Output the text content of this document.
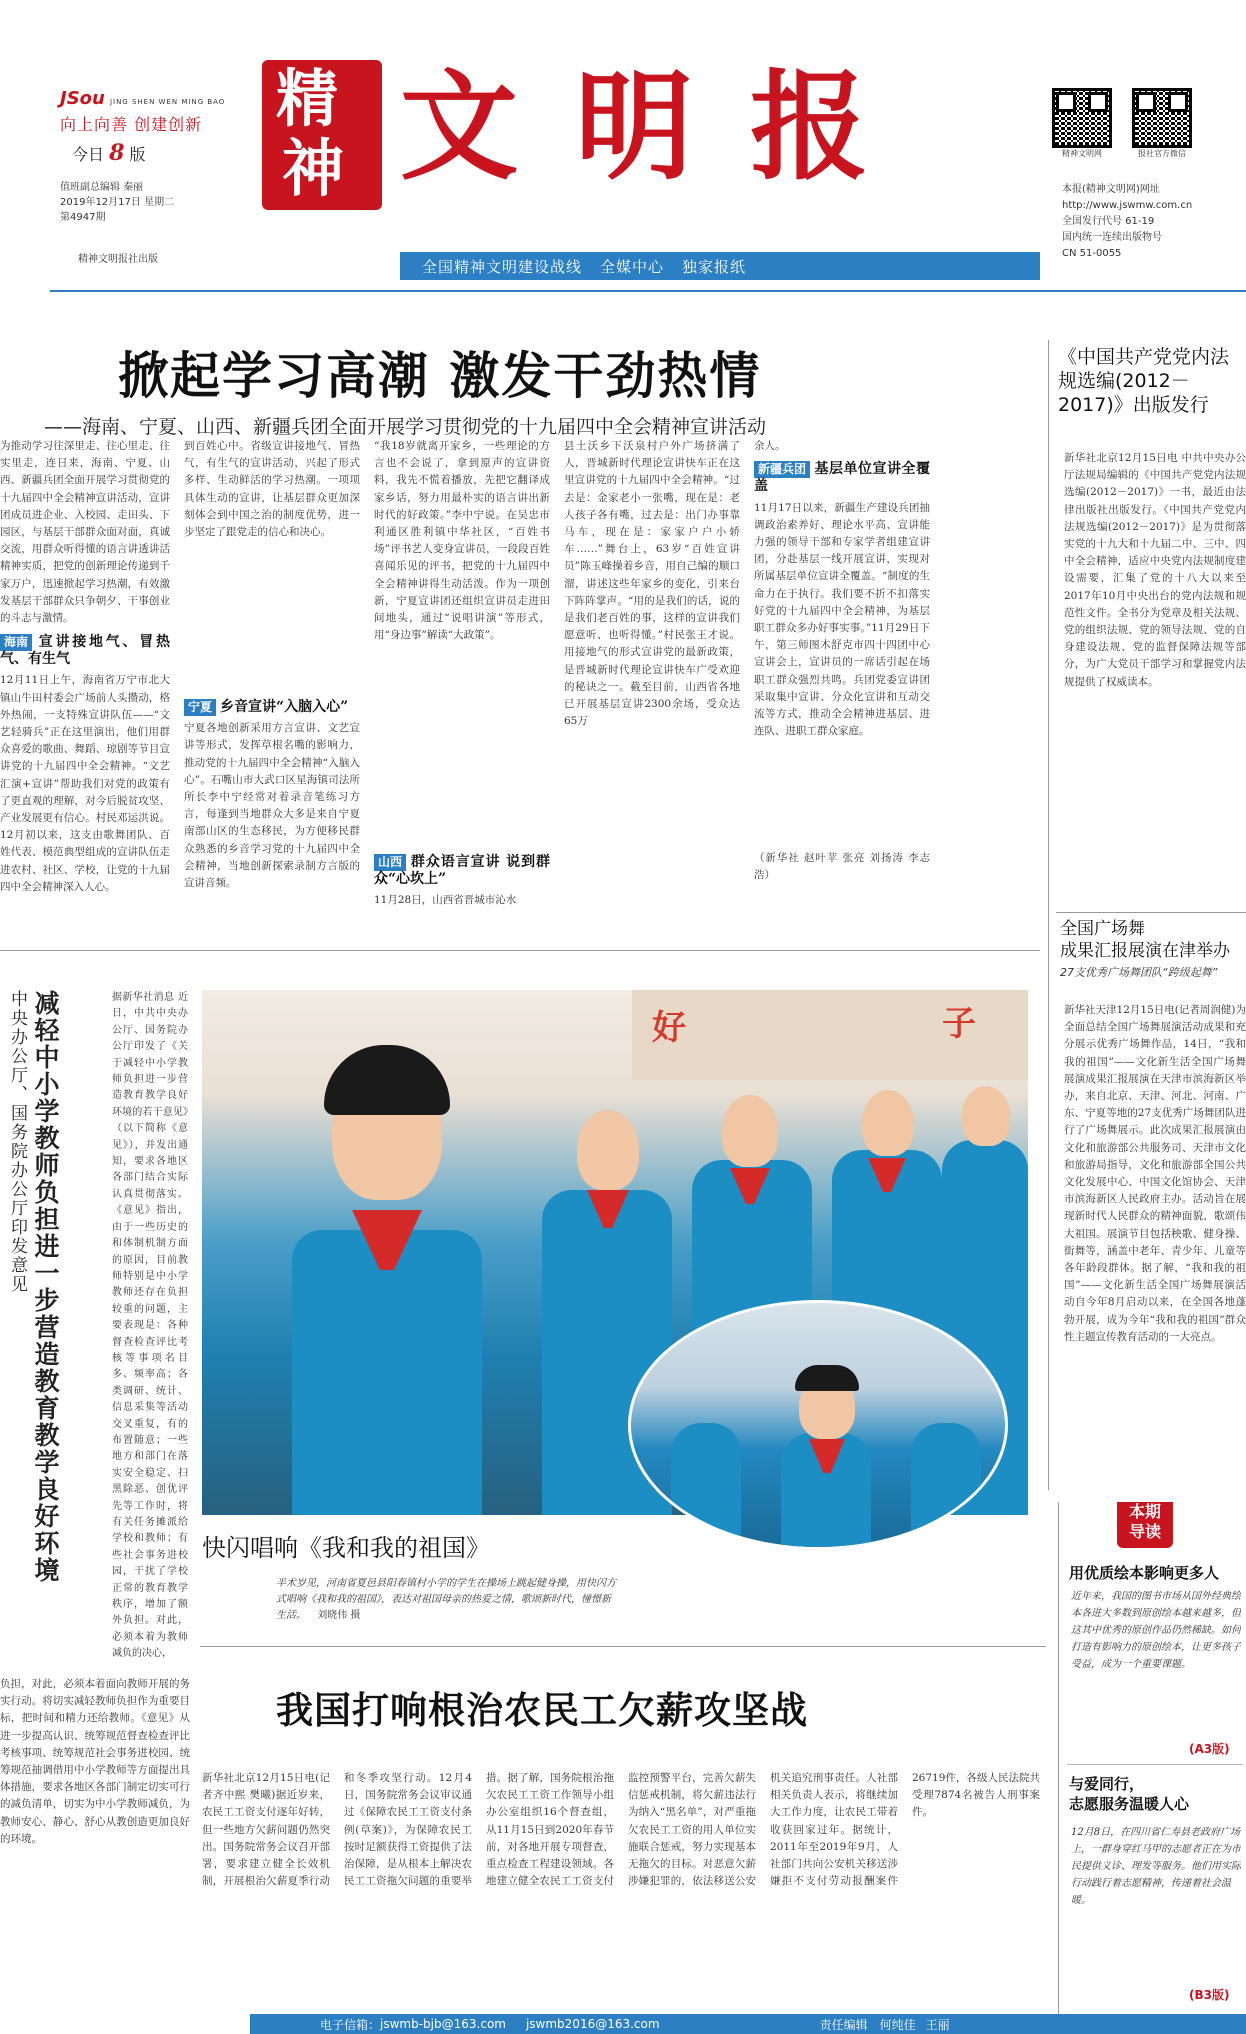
JSou JING SHEN WEN MING BAO
向上向善 创建创新
今日 8 版
值班副总编辑 秦丽
2019年12月17日 星期二
第4947期
精神文明报社出版
精
神 文 明 报
全国精神文明建设战线 全媒中心 独家报纸
精神文明网	报社官方微信
本报(精神文明网)网址
http://www.jswmw.com.cn
全国发行代号 61-19
国内统一连续出版物号
CN 51-0055
掀起学习高潮 激发干劲热情
——海南、宁夏、山西、新疆兵团全面开展学习贯彻党的十九届四中全会精神宣讲活动

为推动学习往深里走、往心里走、往实里走，连日来，海南、宁夏、山西、新疆兵团全面开展学习贯彻党的十九届四中全会精神宣讲活动，宣讲团成员进企业、入校园、走田头、下园区，与基层干部群众面对面，真诚交流，用群众听得懂的语言讲透讲活精神实质，把党的创新理论传递到千家万户，迅速掀起学习热潮，有效激发基层干部群众只争朝夕、干事创业的斗志与激情。

海南 宣讲接地气、冒热气、有生气

12月11日上午，海南省万宁市北大镇山牛田村委会广场前人头攒动，格外热闹，一支特殊宣讲队伍——“文艺轻骑兵”正在这里演出，他们用群众喜爱的歌曲、舞蹈、琼剧等节目宣讲党的十九届四中全会精神。“文艺汇演+宣讲”帮助我们对党的政策有了更直观的理解，对今后脱贫攻坚、产业发展更有信心。村民邓运洪说。12月初以来，这支由歌舞团队、百姓代表、模范典型组成的宣讲队伍走进农村、社区、学校，让党的十九届四中全会精神深入人心。

到百姓心中。省级宣讲接地气、冒热气，有生气的宣讲活动，兴起了形式多样、生动鲜活的学习热潮。一项项具体生动的宣讲，让基层群众更加深刻体会到中国之治的制度优势，进一步坚定了跟党走的信心和决心。

宁夏 乡音宣讲“入脑入心”

宁夏各地创新采用方言宣讲、文艺宣讲等形式，发挥草根名嘴的影响力，推动党的十九届四中全会精神“入脑入心”。石嘴山市大武口区星海镇司法所所长李中宁经常对着录音笔练习方言，每逢到当地群众大多是来自宁夏南部山区的生态移民，为方便移民群众熟悉的乡音学习党的十九届四中全会精神，当地创新探索录制方言版的宣讲音频。

“我18岁就离开家乡，一些理论的方言也不会说了，拿到原声的宣讲资料，我先不慌着播放，先把它翻译成家乡话，努力用最朴实的语言讲出新时代的好政策。”李中宁说。在吴忠市利通区胜利镇中华社区，“百姓书场”评书艺人变身宣讲员，一段段百姓喜闻乐见的评书，把党的十九届四中全会精神讲得生动活泼。作为一项创新，宁夏宣讲团还组织宣讲员走进田间地头，通过“说唱讲演”等形式，用“身边事”解读“大政策”。

山西 群众语言宣讲 说到群众“心坎上”

11月28日，山西省晋城市沁水

县土沃乡下沃泉村户外广场挤满了人，晋城新时代理论宣讲快车正在这里宣讲党的十九届四中全会精神。“过去是：金家老小一张嘴，现在是：老人孩子各有嘴，过去是：出门办事靠马车，现在是：家家户户小轿车……”舞台上，63岁“百姓宣讲员”陈玉峰操着乡音，用自己编的顺口溜，讲述这些年家乡的变化，引来台下阵阵掌声。“用的是我们的话，说的是我们老百姓的事，这样的宣讲我们愿意听、也听得懂。”村民张王才说。用接地气的形式宣讲党的最新政策，是晋城新时代理论宣讲快车广受欢迎的秘诀之一。截至目前，山西省各地已开展基层宣讲2300余场，受众达65万

余人。

新疆兵团 基层单位宣讲全覆盖

11月17日以来，新疆生产建设兵团抽调政治素养好、理论水平高、宣讲能力强的领导干部和专家学者组建宣讲团，分赴基层一线开展宣讲，实现对所属基层单位宣讲全覆盖。“制度的生命力在于执行。我们要不折不扣落实好党的十九届四中全会精神，为基层职工群众多办好事实事。”11月29日下午，第三师图木舒克市四十四团中心宣讲会上，宣讲员的一席话引起在场职工群众强烈共鸣。兵团党委宣讲团采取集中宣讲、分众化宣讲和互动交流等方式，推动全会精神进基层、进连队、进职工群众家庭。

（新华社 赵叶苹 张亮 刘扬涛 李志浩）

《中国共产党党内法规选编(2012－2017)》出版发行
新华社北京12月15日电 中共中央办公厅法规局编辑的《中国共产党党内法规选编(2012－2017)》一书，最近由法律出版社出版发行。《中国共产党党内法规选编(2012－2017)》是为贯彻落实党的十九大和十九届二中、三中、四中全会精神，适应中央党内法规制度建设需要，汇集了党的十八大以来至2017年10月中央出台的党内法规和规范性文件。全书分为党章及相关法规、党的组织法规、党的领导法规、党的自身建设法规、党的监督保障法规等部分，为广大党员干部学习和掌握党内法规提供了权威读本。
全国广场舞
成果汇报展演在津举办
27支优秀广场舞团队“跨级起舞”
新华社天津12月15日电(记者周润健)为全面总结全国广场舞展演活动成果和充分展示优秀广场舞作品，14日，“我和我的祖国”——文化新生活全国广场舞展演成果汇报展演在天津市滨海新区举办，来自北京、天津、河北、河南、广东、宁夏等地的27支优秀广场舞团队进行了广场舞展示。此次成果汇报展演由文化和旅游部公共服务司、天津市文化和旅游局指导，文化和旅游部全国公共文化发展中心、中国文化馆协会、天津市滨海新区人民政府主办。活动旨在展现新时代人民群众的精神面貌，歌颂伟大祖国。展演节目包括秧歌、健身操、街舞等，涵盖中老年、青少年、儿童等各年龄段群体。据了解，“我和我的祖国”——文化新生活全国广场舞展演活动自今年8月启动以来，在全国各地蓬勃开展，成为今年“我和我的祖国”群众性主题宣传教育活动的一大亮点。
中央办公厅、国务院办公厅印发意见 减轻中小学教师负担进一步营造教育教学良好环境	据新华社消息 近日，中共中央办公厅、国务院办公厅印发了《关于减轻中小学教师负担进一步营造教育教学良好环境的若干意见》（以下简称《意见》），并发出通知，要求各地区各部门结合实际认真贯彻落实。《意见》指出，由于一些历史的和体制机制方面的原因，目前教师特别是中小学教师还存在负担较重的问题，主要表现是：各种督查检查评比考核等事项名目多、频率高；各类调研、统计、信息采集等活动交叉重复，有的布置随意；一些地方和部门在落实安全稳定、扫黑除恶、创优评先等工作时，将有关任务摊派给学校和教师；有些社会事务进校园，干扰了学校正常的教育教学秩序，增加了额外负担。对此，必须本着为教师减负的决心，
负担，对此，必须本着面向教师开展的务实行动。将切实减轻教师负担作为重要目标，把时间和精力还给教师。《意见》从进一步提高认识、统筹规范督查检查评比考核事项、统筹规范社会事务进校园、统筹规范抽调借用中小学教师等方面提出具体措施，要求各地区各部门制定切实可行的减负清单，切实为中小学教师减负，为教师安心、静心、舒心从教创造更加良好的环境。
好	子
快闪唱响《我和我的祖国》
半术岁见，河南省夏邑县阳春镇村小学的学生在操场上跳起健身操，用快闪方式唱响《我和我的祖国》，表达对祖国母亲的热爱之情，歌颂新时代，憧憬新生活。 刘晓伟 摄
我国打响根治农民工欠薪攻坚战
新华社北京12月15日电(记者齐中熙 樊曦)据近岁来，农民工工资支付逐年好转，但一些地方欠薪问题仍然突出。国务院常务会议召开部署，要求建立健全长效机制，开展根治欠薪夏季行动和冬季攻坚行动。12月4日，国务院常务会议审议通过《保障农民工工资支付条例(草案)》，为保障农民工按时足额获得工资提供了法治保障，是从根本上解决农民工工资拖欠问题的重要举措。据了解，国务院根治拖欠农民工工资工作领导小组办公室组织16个督查组，从11月15日到2020年春节前，对各地开展专项督查，重点检查工程建设领域。各地建立健全农民工工资支付监控预警平台，完善欠薪失信惩戒机制，将欠薪违法行为纳入“黑名单”，对严重拖欠农民工工资的用人单位实施联合惩戒，努力实现基本无拖欠的目标。对恶意欠薪涉嫌犯罪的，依法移送公安机关追究刑事责任。人社部相关负责人表示，将继续加大工作力度，让农民工带着收获回家过年。据统计，2011年至2019年9月，人社部门共向公安机关移送涉嫌拒不支付劳动报酬案件26719件，各级人民法院共受理7874名被告人刑事案件。
本期
导读
用优质绘本影响更多人
近年来，我国的图书市场从国外经典绘本各进大多数到原创绘本越来越多，但这其中优秀的原创作品仍然稀缺。如何打造有影响力的原创绘本，让更多孩子受益，成为一个重要课题。
(A3版)
与爱同行，
志愿服务温暖人心
12月8日，在四川省仁寿县老政府广场上，一群身穿红马甲的志愿者正在为市民提供义诊、理发等服务。他们用实际行动践行着志愿精神，传递着社会温暖。
(B3版)
电子信箱： jswmb-bjb@163.com jswmb2016@163.com	责任编辑 何纯佳 王丽
